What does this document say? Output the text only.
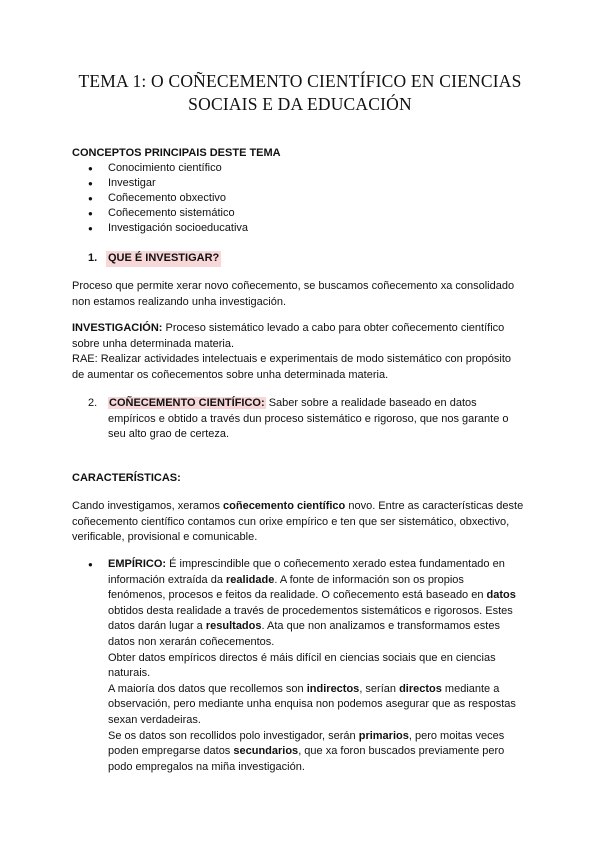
TEMA 1: O COÑECEMENTO CIENTÍFICO EN CIENCIAS
SOCIAIS E DA EDUCACIÓN
CONCEPTOS PRINCIPAIS DESTE TEMA
● Conocimiento científico
● Investigar
● Coñecemento obxectivo
● Coñecemento sistemático
● Investigación socioeducativa
1. QUE É INVESTIGAR?
Proceso que permite xerar novo coñecemento, se buscamos coñecemento xa consolidado
non estamos realizando unha investigación.
INVESTIGACIÓN: Proceso sistemático levado a cabo para obter coñecemento científico
sobre unha determinada materia.
RAE: Realizar actividades intelectuais e experimentais de modo sistemático con propósito
de aumentar os coñecementos sobre unha determinada materia.
2. COÑECEMENTO CIENTÍFICO: Saber sobre a realidade baseado en datos
empíricos e obtido a través dun proceso sistemático e rigoroso, que nos garante o
seu alto grao de certeza.
CARACTERÍSTICAS:
Cando investigamos, xeramos coñecemento científico novo. Entre as características deste
coñecemento científico contamos cun orixe empírico e ten que ser sistemático, obxectivo,
verificable, provisional e comunicable.
● EMPÍRICO: É imprescindible que o coñecemento xerado estea fundamentado en
información extraída da realidade. A fonte de información son os propios
fenómenos, procesos e feitos da realidade. O coñecemento está baseado en datos
obtidos desta realidade a través de procedementos sistemáticos e rigorosos. Estes
datos darán lugar a resultados. Ata que non analizamos e transformamos estes
datos non xerarán coñecementos.
Obter datos empíricos directos é máis difícil en ciencias sociais que en ciencias
naturais.
A maioría dos datos que recollemos son indirectos, serían directos mediante a
observación, pero mediante unha enquisa non podemos asegurar que as respostas
sexan verdadeiras.
Se os datos son recollidos polo investigador, serán primarios, pero moitas veces
poden empregarse datos secundarios, que xa foron buscados previamente pero
podo empregalos na miña investigación.
